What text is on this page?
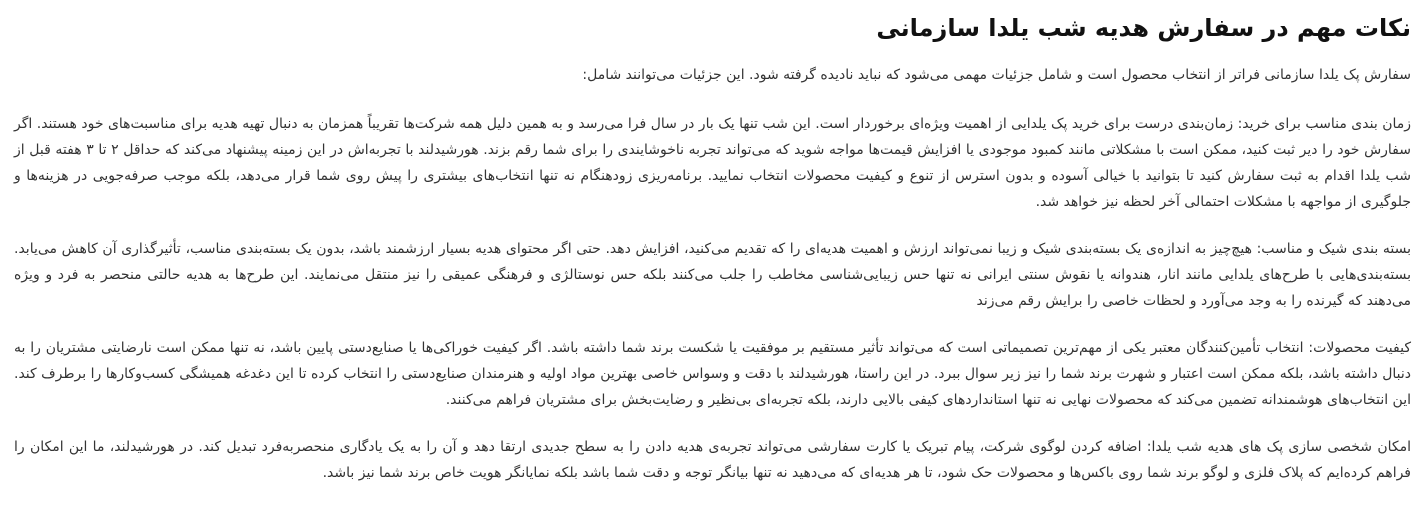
نکات مهم در سفارش هدیه شب یلدا سازمانی

سفارش پک یلدا سازمانی فراتر از انتخاب محصول است و شامل جزئیات مهمی می‌شود که نباید نادیده گرفته شود. این جزئیات می‌توانند شامل:

زمان بندی مناسب برای خرید: زمان‌بندی درست برای خرید پک یلدایی از اهمیت ویژه‌ای برخوردار است. این شب تنها یک بار در سال فرا می‌رسد و به همین دلیل همه شرکت‌ها تقریباً همزمان به دنبال تهیه هدیه برای مناسبت‌های خود هستند. اگر سفارش خود را دیر ثبت کنید، ممکن است با مشکلاتی مانند کمبود موجودی یا افزایش قیمت‌ها مواجه شوید که می‌تواند تجربه ناخوشایندی را برای شما رقم بزند. هورشیدلند با تجربه‌اش در این زمینه پیشنهاد می‌کند که حداقل ۲ تا ۳ هفته قبل از شب یلدا اقدام به ثبت سفارش کنید تا بتوانید با خیالی آسوده و بدون استرس از تنوع و کیفیت محصولات انتخاب نمایید. برنامه‌ریزی زودهنگام نه تنها انتخاب‌های بیشتری را پیش روی شما قرار می‌دهد، بلکه موجب صرفه‌جویی در هزینه‌ها و جلوگیری از مواجهه با مشکلات احتمالی آخر لحظه نیز خواهد شد.

بسته بندی شیک و مناسب: هیچ‌چیز به اندازه‌ی یک بسته‌بندی شیک و زیبا نمی‌تواند ارزش و اهمیت هدیه‌ای را که تقدیم می‌کنید، افزایش دهد. حتی اگر محتوای هدیه بسیار ارزشمند باشد، بدون یک بسته‌بندی مناسب، تأثیرگذاری آن کاهش می‌یابد. بسته‌بندی‌هایی با طرح‌های یلدایی مانند انار، هندوانه یا نقوش سنتی ایرانی نه تنها حس زیبایی‌شناسی مخاطب را جلب می‌کنند بلکه حس نوستالژی و فرهنگی عمیقی را نیز منتقل می‌نمایند. این طرح‌ها به هدیه حالتی منحصر به فرد و ویژه می‌دهند که گیرنده را به وجد می‌آورد و لحظات خاصی را برایش رقم می‌زند

کیفیت محصولات: انتخاب تأمین‌کنندگان معتبر یکی از مهم‌ترین تصمیماتی است که می‌تواند تأثیر مستقیم بر موفقیت یا شکست برند شما داشته باشد. اگر کیفیت خوراکی‌ها یا صنایع‌دستی پایین باشد، نه تنها ممکن است نارضایتی مشتریان را به دنبال داشته باشد، بلکه ممکن است اعتبار و شهرت برند شما را نیز زیر سوال ببرد. در این راستا، هورشیدلند با دقت و وسواس خاصی بهترین مواد اولیه و هنرمندان صنایع‌دستی را انتخاب کرده تا این دغدغه همیشگی کسب‌وکارها را برطرف کند. این انتخاب‌های هوشمندانه تضمین می‌کند که محصولات نهایی نه تنها استانداردهای کیفی بالایی دارند، بلکه تجربه‌ای بی‌نظیر و رضایت‌بخش برای مشتریان فراهم می‌کنند.

امکان شخصی سازی پک های هدیه شب یلدا: اضافه کردن لوگوی شرکت، پیام تبریک یا کارت سفارشی می‌تواند تجربه‌ی هدیه دادن را به سطح جدیدی ارتقا دهد و آن را به یک یادگاری منحصربه‌فرد تبدیل کند. در هورشیدلند، ما این امکان را فراهم کرده‌ایم که پلاک فلزی و لوگو برند شما روی باکس‌ها و محصولات حک شود، تا هر هدیه‌ای که می‌دهید نه تنها بیانگر توجه و دقت شما باشد بلکه نمایانگر هویت خاص برند شما نیز باشد.
